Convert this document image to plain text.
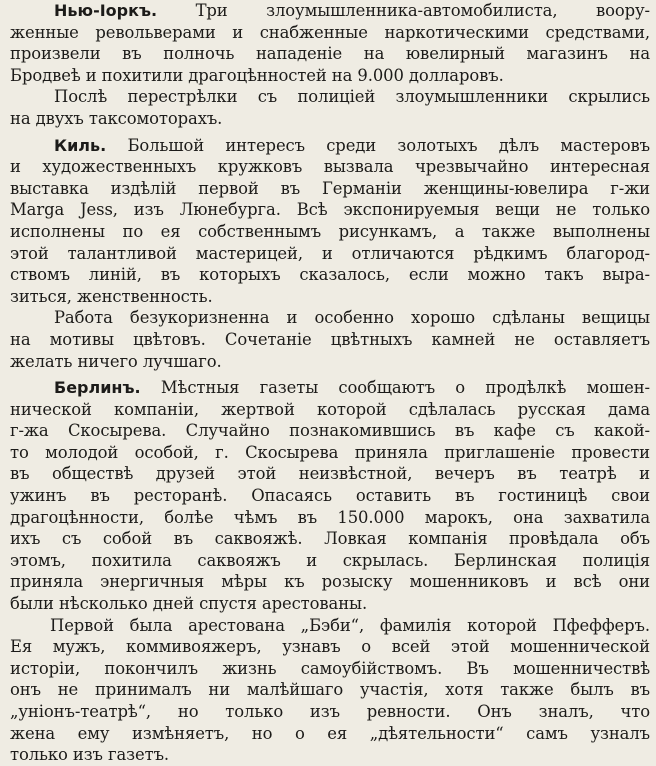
Нью-Iоркъ. Три злоумышленника-автомобилиста, воору-
женные револьверами и снабженные наркотическими средствами,
произвели въ полночь нападенiе на ювелирный магазинъ на
Бродвеѣ и похитили драгоцѣнностей на 9.000 долларовъ.

Послѣ перестрѣлки съ полицiей злоумышленники скрылись
на двухъ таксомоторахъ.

Киль. Большой интересъ среди золотыхъ дѣлъ мастеровъ
и художественныхъ кружковъ вызвала чрезвычайно интересная
выставка издѣлiй первой въ Германiи женщины-ювелира г-жи
Marga Jess, изъ Люнебурга. Всѣ экспонируемыя вещи не только
исполнены по ея собственнымъ рисункамъ, а также выполнены
этой талантливой мастерицей, и отличаются рѣдкимъ благород-
ствомъ линiй, въ которыхъ сказалось, если можно такъ выра-
зиться, женственность.

Работа безукоризненна и особенно хорошо сдѣланы вещицы
на мотивы цвѣтовъ. Сочетанiе цвѣтныхъ камней не оставляетъ
желать ничего лучшаго.

Берлинъ. Мѣстныя газеты сообщаютъ о продѣлкѣ мошен-
нической компанiи, жертвой которой сдѣлалась русская дама
г-жа Скосырева. Случайно познакомившись въ кафе съ какой-
то молодой особой, г. Скосырева приняла приглашенiе провести
въ обществѣ друзей этой неизвѣстной, вечеръ въ театрѣ и
ужинъ въ ресторанѣ. Опасаясь оставить въ гостиницѣ свои
драгоцѣнности, болѣе чѣмъ въ 150.000 марокъ, она захватила
ихъ съ собой въ саквояжѣ. Ловкая компанiя провѣдала объ
этомъ, похитила саквояжъ и скрылась. Берлинская полицiя
приняла энергичныя мѣры къ розыску мошенниковъ и всѣ они
были нѣсколько дней спустя арестованы.

Первой была арестована „Бэби“, фамилiя которой Пфефферъ.
Ея мужъ, коммивояжеръ, узнавъ о всей этой мошеннической
исторiи, покончилъ жизнь самоубiйствомъ. Въ мошенничествѣ
онъ не принималъ ни малѣйшаго участiя, хотя также былъ въ
„унiонъ-театрѣ“, но только изъ ревности. Онъ зналъ, что
жена ему измѣняетъ, но о ея „дѣятельности“ самъ узналъ
только изъ газетъ.
